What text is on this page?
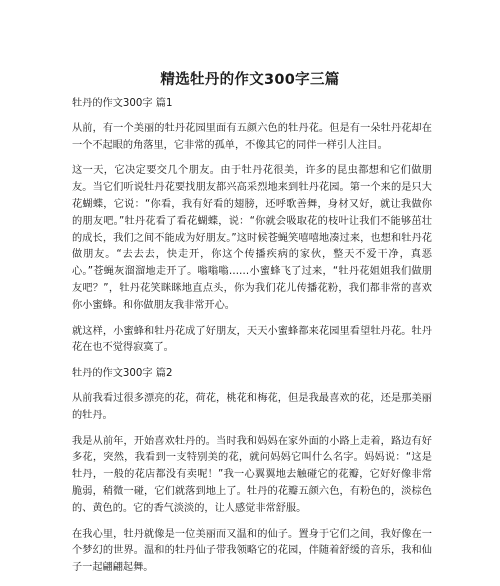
精选牡丹的作文300字三篇

牡丹的作文300字 篇1

从前，有一个美丽的牡丹花园里面有五颜六色的牡丹花。但是有一朵牡丹花却在一个不起眼的角落里，它非常的孤单，不像其它的同伴一样引人注目。

这一天，它决定要交几个朋友。由于牡丹花很美，许多的昆虫都想和它们做朋友。当它们听说牡丹花要找朋友都兴高采烈地来到牡丹花园。第一个来的是只大花蝴蝶，它说：“你看，我有好看的翅膀，还呼歌善舞，身材又好，就让我做你的朋友吧。”牡丹花看了看花蝴蝶，说：“你就会吸取花的枝叶让我们不能够茁壮的成长，我们之间不能成为好朋友。”这时候苍蝇笑嘻嘻地凑过来，也想和牡丹花做朋友。“去去去，快走开，你这个传播疾病的家伙，整天不爱干净，真恶心。”苍蝇灰溜溜地走开了。嗡嗡嗡……小蜜蜂飞了过来，“牡丹花姐姐我们做朋友吧？”，牡丹花笑眯眯地直点头，你为我们花儿传播花粉，我们都非常的喜欢你小蜜蜂。和你做朋友我非常开心。

就这样，小蜜蜂和牡丹花成了好朋友，天天小蜜蜂都来花园里看望牡丹花。牡丹花在也不觉得寂寞了。

牡丹的作文300字 篇2

从前我看过很多漂亮的花，荷花，桃花和梅花，但是我最喜欢的花，还是那美丽的牡丹。

我是从前年，开始喜欢牡丹的。当时我和妈妈在家外面的小路上走着，路边有好多花，突然，我看到一支特别美的花，就问妈妈它叫什么名字。妈妈说：“这是牡丹，一般的花店都没有卖呢！”我一心翼翼地去触碰它的花瓣，它好好像非常脆弱，稍微一碰，它们就落到地上了。牡丹的花瓣五颜六色，有粉色的，淡棕色的、黄色的。它的香气淡淡的，让人感觉非常舒服。

在我心里，牡丹就像是一位美丽而又温和的仙子。置身于它们之间，我好像在一个梦幻的世界。温和的牡丹仙子带我领略它的花园，伴随着舒缓的音乐，我和仙子一起翩翩起舞。
